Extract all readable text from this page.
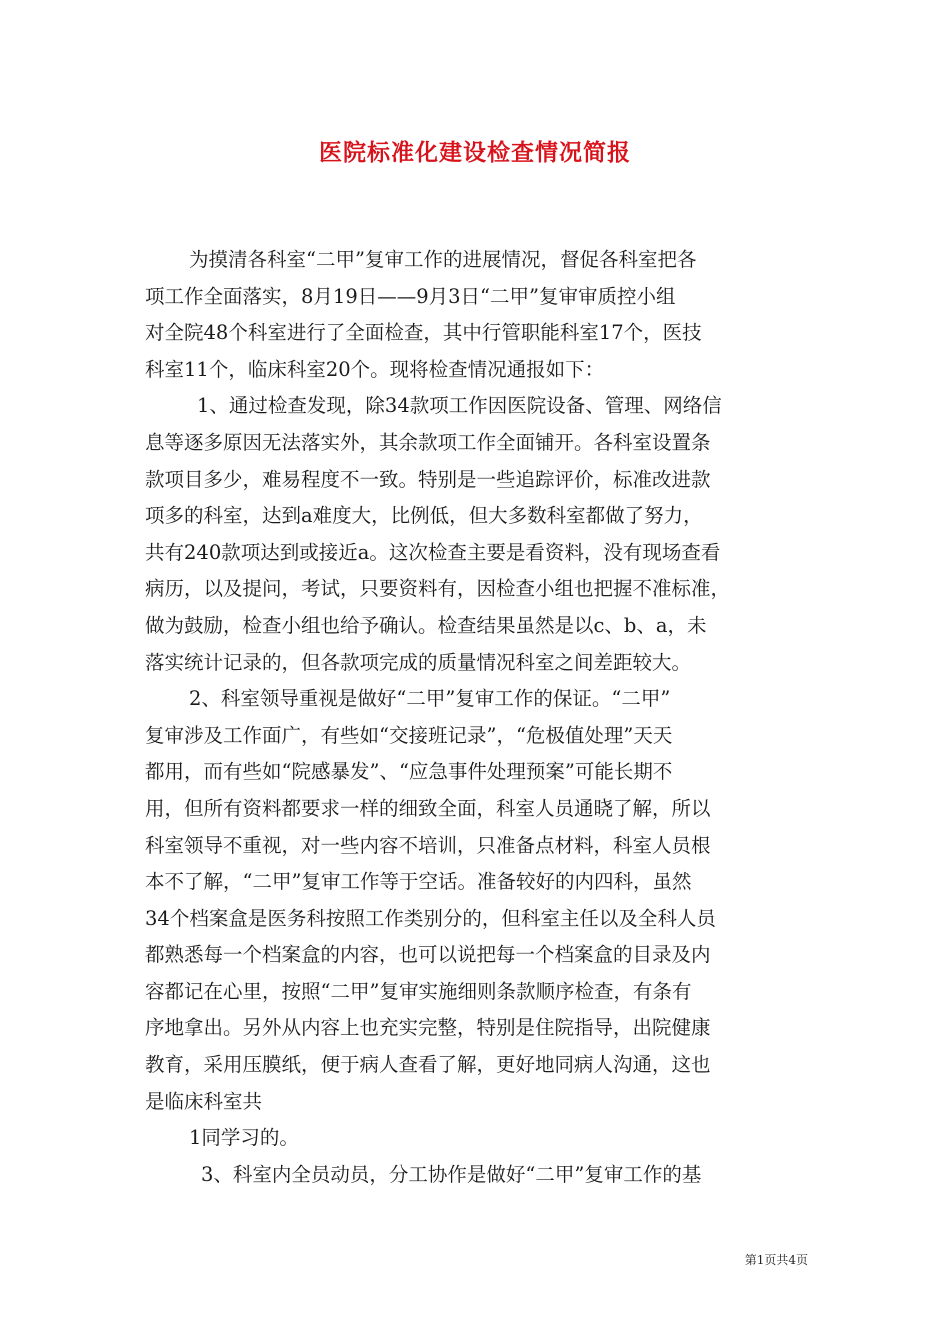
医院标准化建设检查情况简报
为摸清各科室“二甲”复审工作的进展情况，督促各科室把各
项工作全面落实，8月19日——9月3日“二甲”复审审质控小组
对全院48个科室进行了全面检查，其中行管职能科室17个，医技
科室11个，临床科室20个。现将检查情况通报如下：
1、通过检查发现，除34款项工作因医院设备、管理、网络信
息等逐多原因无法落实外，其余款项工作全面铺开。各科室设置条
款项目多少，难易程度不一致。特别是一些追踪评价，标准改进款
项多的科室，达到a难度大，比例低，但大多数科室都做了努力，
共有240款项达到或接近a。这次检查主要是看资料，没有现场查看
病历，以及提问，考试，只要资料有，因检查小组也把握不准标准，
做为鼓励，检查小组也给予确认。检查结果虽然是以c、b、a，未
落实统计记录的，但各款项完成的质量情况科室之间差距较大。
2、科室领导重视是做好“二甲”复审工作的保证。“二甲”
复审涉及工作面广，有些如“交接班记录”，“危极值处理”天天
都用，而有些如“院感暴发”、“应急事件处理预案”可能长期不
用，但所有资料都要求一样的细致全面，科室人员通晓了解，所以
科室领导不重视，对一些内容不培训，只准备点材料，科室人员根
本不了解，“二甲”复审工作等于空话。准备较好的内四科，虽然
34个档案盒是医务科按照工作类别分的，但科室主任以及全科人员
都熟悉每一个档案盒的内容，也可以说把每一个档案盒的目录及内
容都记在心里，按照“二甲”复审实施细则条款顺序检查，有条有
序地拿出。另外从内容上也充实完整，特别是住院指导，出院健康
教育，采用压膜纸，便于病人查看了解，更好地同病人沟通，这也
是临床科室共
1同学习的。
3、科室内全员动员，分工协作是做好“二甲”复审工作的基
第1页共4页
